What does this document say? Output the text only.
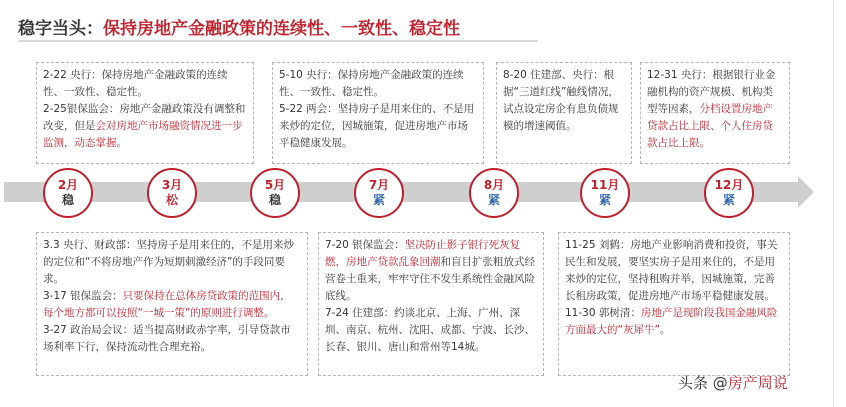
稳字当头：保持房地产金融政策的连续性、一致性、稳定性

2-22 央行：保持房地产金融政策的连续性、一致性、稳定性。

2-25银保监会：房地产金融政策没有调整和改变，但是会对房地产市场融资情况进一步监测，动态掌握。

5-10 央行：保持房地产金融政策的连续性、一致性、稳定性。

5-22 两会：坚持房子是用来住的、不是用来炒的定位，因城施策，促进房地产市场平稳健康发展。

8-20 住建部、央行：根据“三道红线”触线情况，试点设定房企有息负债规模的增速阈值。

12-31 央行：根据银行业金融机构的资产规模、机构类型等因素，分档设置房地产贷款占比上限、个人住房贷款占比上限。

2月
稳
3月
松
5月
稳
7月
紧
8月
紧
11月
紧
12月
紧

3.3 央行、财政部：坚持房子是用来住的，不是用来炒的定位和“不将房地产作为短期刺激经济”的手段同要求。

3-17 银保监会：只要保持在总体房贷政策的范围内，每个地方都可以按照“一城一策”的原则进行调整。

3-27 政治局会议：适当提高财政赤字率，引导贷款市场利率下行，保持流动性合理充裕。

7-20 银保监会：坚决防止影子银行死灰复燃，房地产贷款乱象回潮和盲目扩张粗放式经营卷土重来，牢牢守住不发生系统性金融风险底线。

7-24 住建部：约谈北京、上海、广州、深圳、南京、杭州、沈阳、成都、宁波、长沙、长春、银川、唐山和常州等14城。

11-25 刘鹤：房地产业影响消费和投资，事关民生和发展，要坚实房子是用来住的，不是用来炒的定位，坚持租购并举，因城施策，完善长租房政策，促进房地产市场平稳健康发展。

11-30 郭树清：房地产是现阶段我国金融风险方面最大的“灰犀牛”。

头条 @房产周说
